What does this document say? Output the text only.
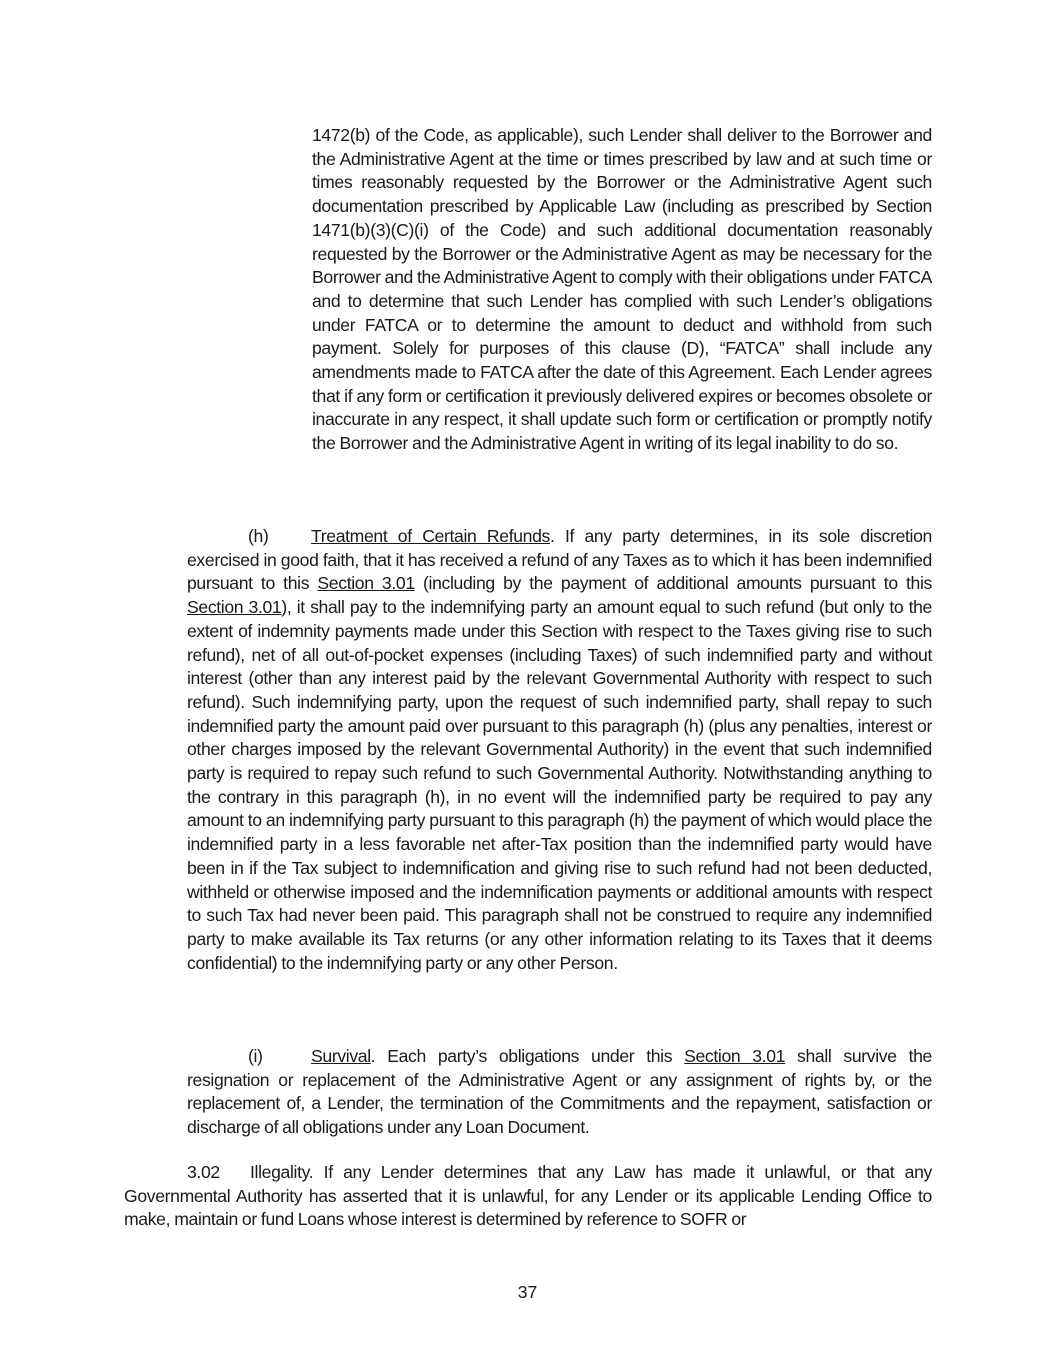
1472(b) of the Code, as applicable), such Lender shall deliver to the Borrower and the Administrative Agent at the time or times prescribed by law and at such time or times reasonably requested by the Borrower or the Administrative Agent such documentation prescribed by Applicable Law (including as prescribed by Section 1471(b)(3)(C)(i) of the Code) and such additional documentation reasonably requested by the Borrower or the Administrative Agent as may be necessary for the Borrower and the Administrative Agent to comply with their obligations under FATCA and to determine that such Lender has complied with such Lender’s obligations under FATCA or to determine the amount to deduct and withhold from such payment. Solely for purposes of this clause (D), “FATCA” shall include any amendments made to FATCA after the date of this Agreement. Each Lender agrees that if any form or certification it previously delivered expires or becomes obsolete or inaccurate in any respect, it shall update such form or certification or promptly notify the Borrower and the Administrative Agent in writing of its legal inability to do so.

(h) Treatment of Certain Refunds. If any party determines, in its sole discretion exercised in good faith, that it has received a refund of any Taxes as to which it has been indemnified pursuant to this Section 3.01 (including by the payment of additional amounts pursuant to this Section 3.01), it shall pay to the indemnifying party an amount equal to such refund (but only to the extent of indemnity payments made under this Section with respect to the Taxes giving rise to such refund), net of all out-of-pocket expenses (including Taxes) of such indemnified party and without interest (other than any interest paid by the relevant Governmental Authority with respect to such refund). Such indemnifying party, upon the request of such indemnified party, shall repay to such indemnified party the amount paid over pursuant to this paragraph (h) (plus any penalties, interest or other charges imposed by the relevant Governmental Authority) in the event that such indemnified party is required to repay such refund to such Governmental Authority. Notwithstanding anything to the contrary in this paragraph (h), in no event will the indemnified party be required to pay any amount to an indemnifying party pursuant to this paragraph (h) the payment of which would place the indemnified party in a less favorable net after-Tax position than the indemnified party would have been in if the Tax subject to indemnification and giving rise to such refund had not been deducted, withheld or otherwise imposed and the indemnification payments or additional amounts with respect to such Tax had never been paid. This paragraph shall not be construed to require any indemnified party to make available its Tax returns (or any other information relating to its Taxes that it deems confidential) to the indemnifying party or any other Person.

(i)	Survival. Each party’s obligations under this Section 3.01 shall survive the resignation or replacement of the Administrative Agent or any assignment of rights by, or the replacement of, a Lender, the termination of the Commitments and the repayment, satisfaction or discharge of all obligations under any Loan Document.

3.02 Illegality. If any Lender determines that any Law has made it unlawful, or that any Governmental Authority has asserted that it is unlawful, for any Lender or its applicable Lending Office to make, maintain or fund Loans whose interest is determined by reference to SOFR or

37
